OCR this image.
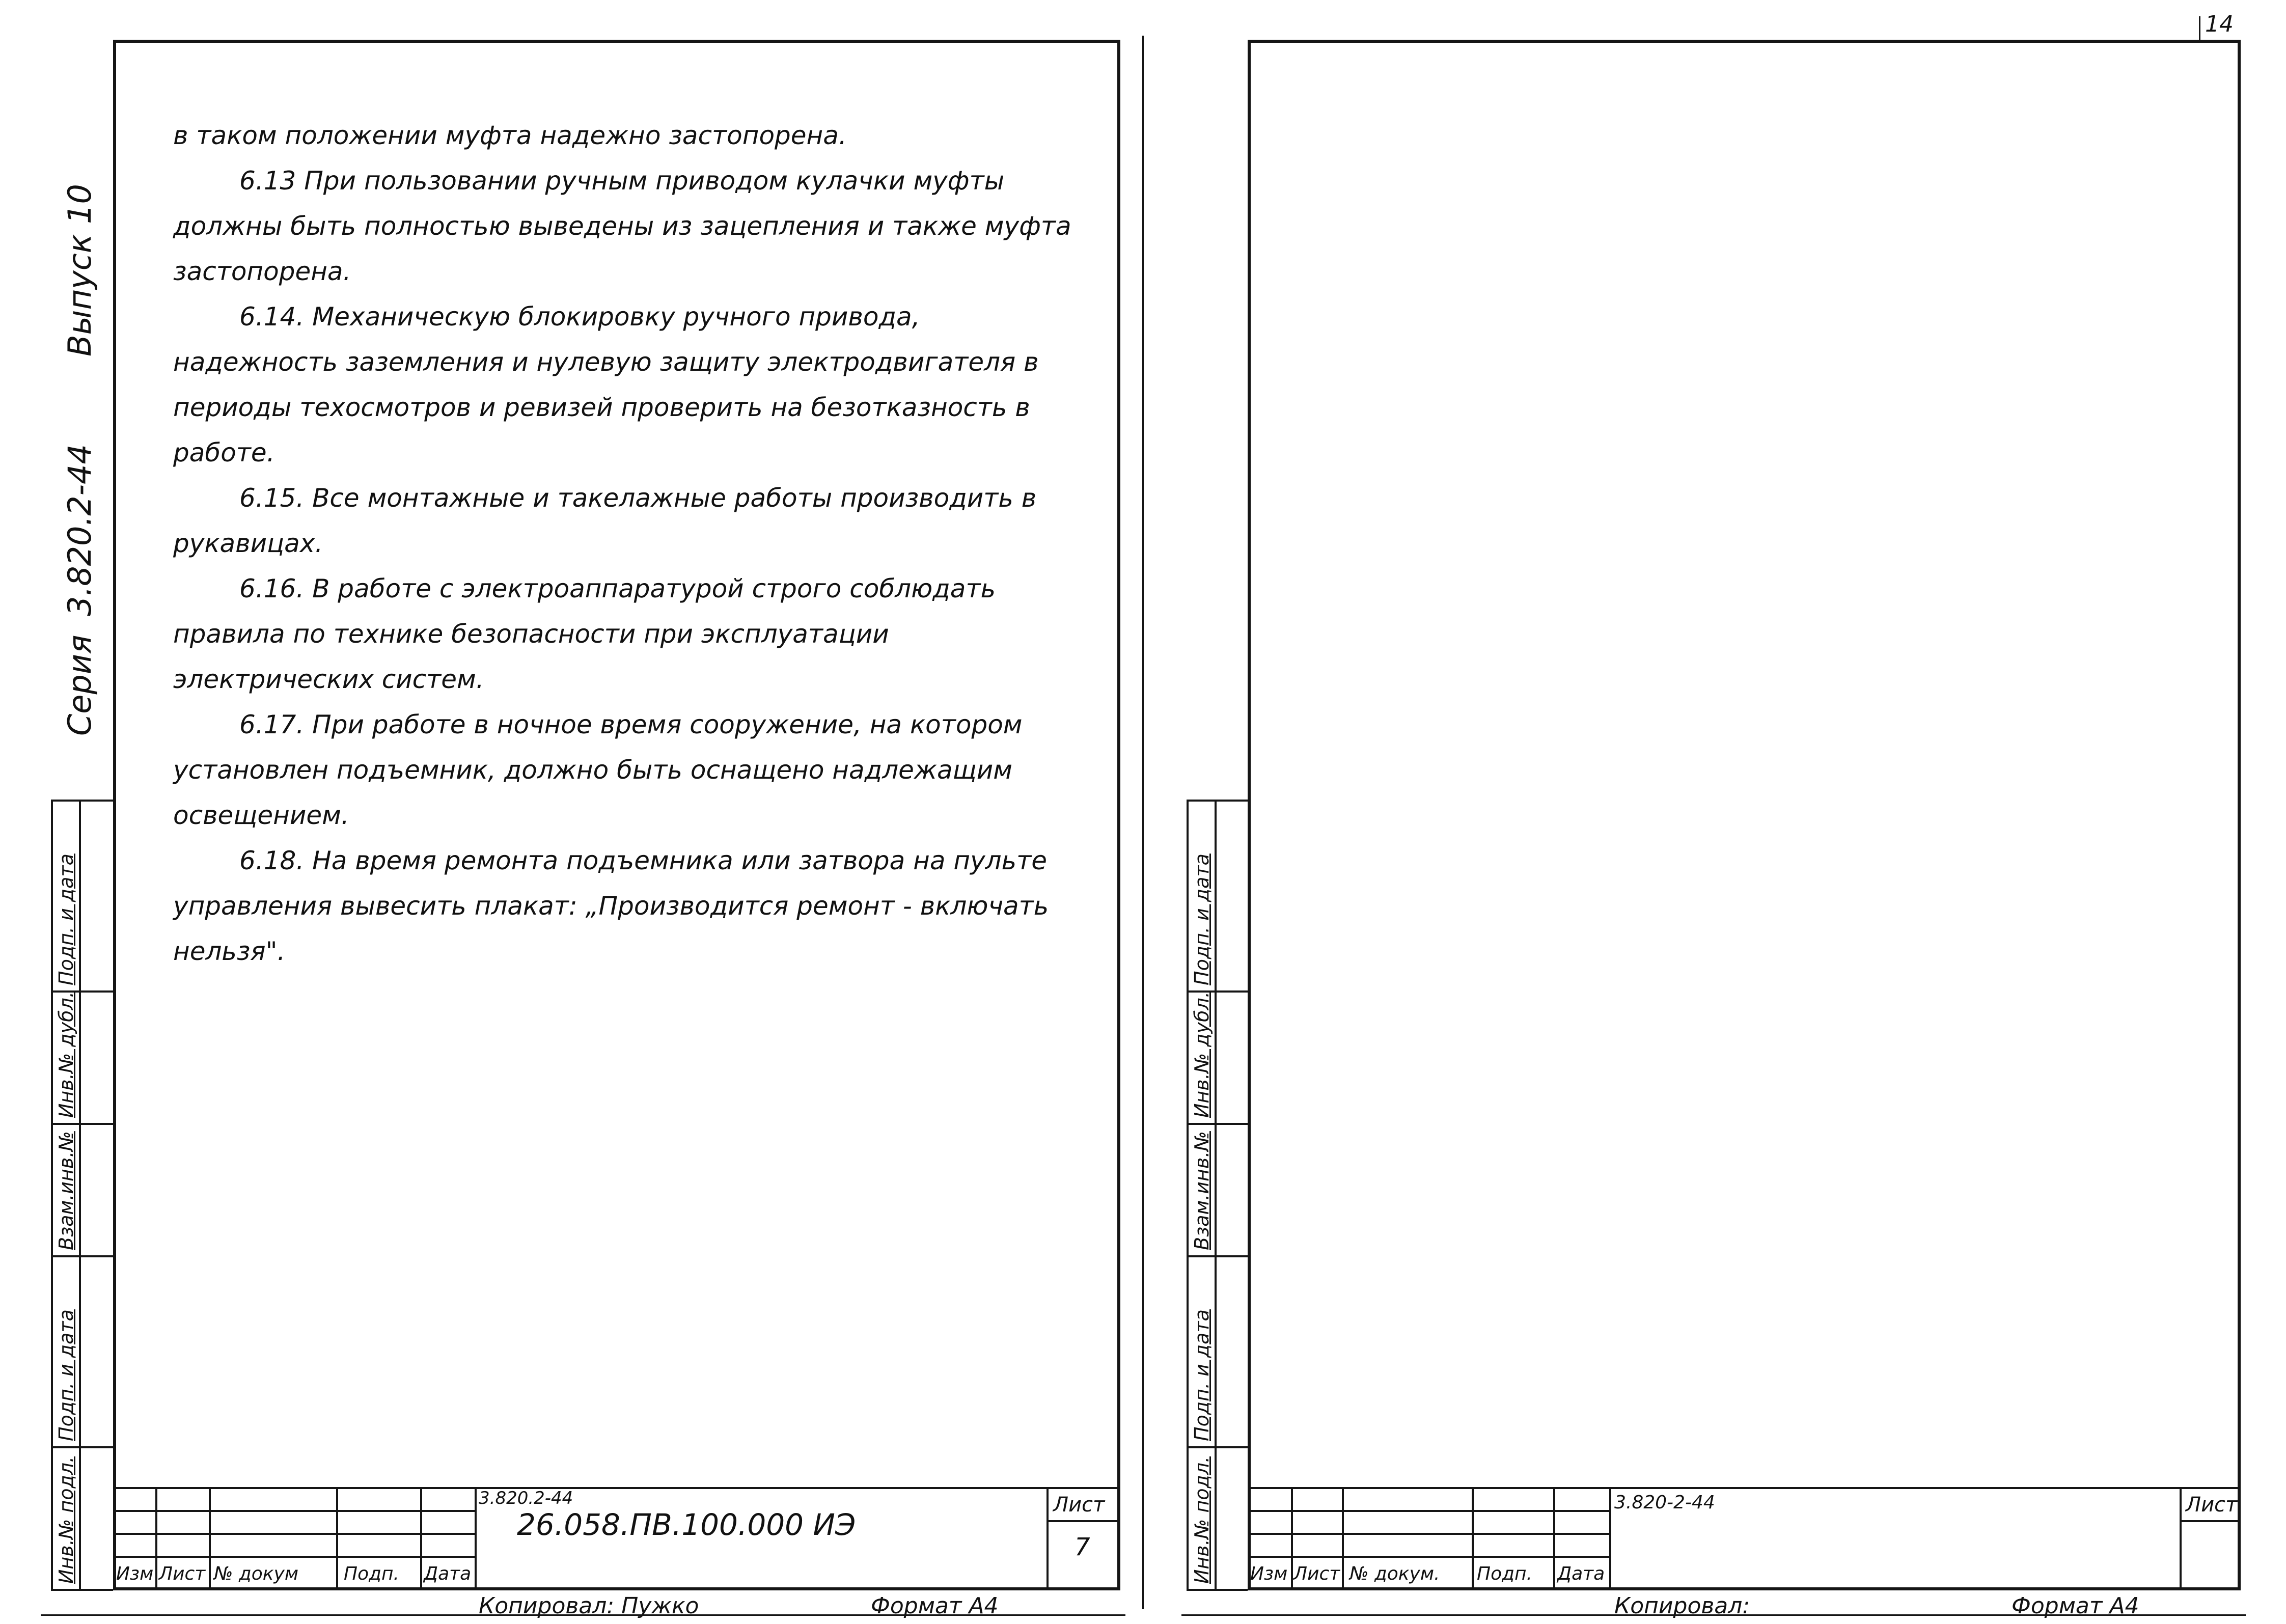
Серия
3.820.2-44
Выпуск 10
Подп. и дата
Инв.№ дубл.
Взам.инв.№
Подп. и дата
Инв.№ подл.

в таком положении муфта надежно застопорена.

6.13 При пользовании ручным приводом кулачки муфты должны быть полностью выведены из зацепления и также муфта застопорена.

6.14. Механическую блокировку ручного привода, надежность заземления и нулевую защиту электродвигателя в периоды техосмотров и ревизей проверить на безотказность в работе.

6.15. Все монтажные и такелажные работы производить в рукавицах.

6.16. В работе с электроаппаратурой строго соблюдать правила по технике безопасности при эксплуатации электрических систем.

6.17. При работе в ночное время сооружение, на котором установлен подъемник, должно быть оснащено надлежащим освещением.

6.18. На время ремонта подъемника или затвора на пульте управления вывесить плакат: „Производится ремонт - включать нельзя".

Изм Лист № докум Подп. Дата
3.820.2-44
26.058.ПВ.100.000 ИЭ
Лист
7
Копировал: Пужко	Формат А4
14
Подп. и дата
Инв.№ дубл.
Взам.инв.№
Подп. и дата
Инв.№ подл. Изм Лист № докум. Подп. Дата
3.820-2-44	Лист
Копировал:	Формат А4
